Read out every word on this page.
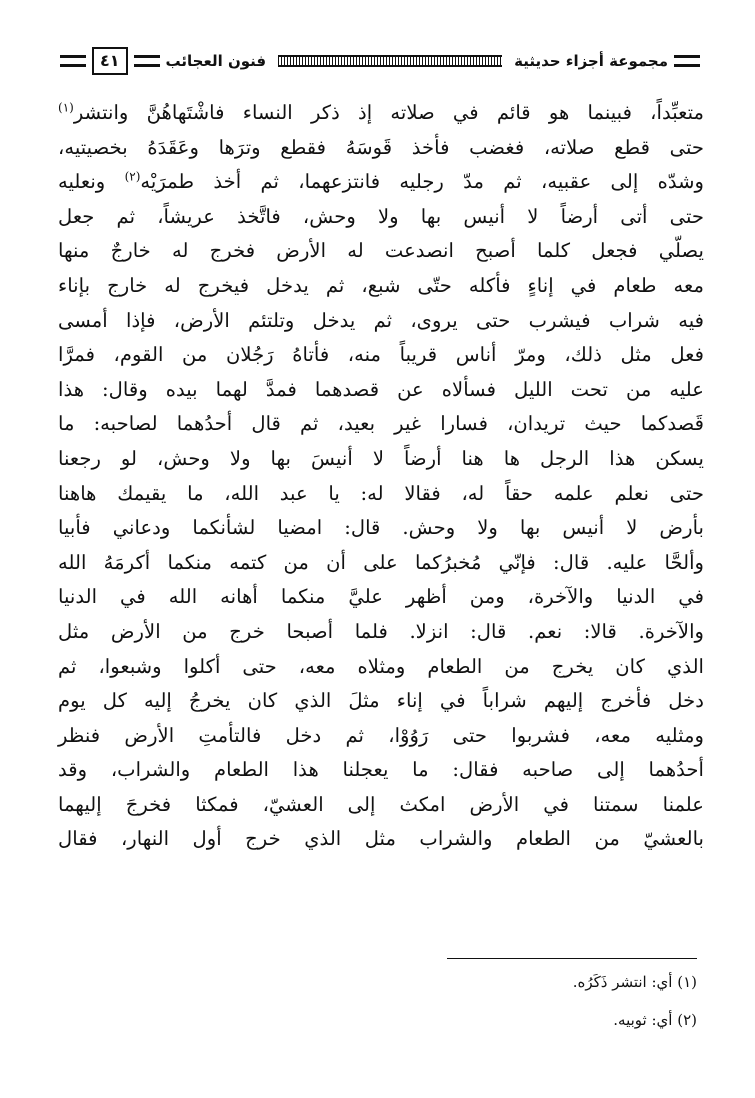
مجموعة أجزاء حديثية
فنون العجائب
٤١
متعبِّداً، فبينما هو قائم في صلاته إذ ذكر النساء فاشْتَهاهُنَّ وانتشر$^{(١)}$
حتى قطع صلاته، فغضب فأخذ قَوسَهُ فقطع وترَها وعَقَدَهُ بخصيتيه،
وشدّه إلى عقبيه، ثم مدّ رجليه فانتزعهما، ثم أخذ طمرَيْه$^{(٢)}$ ونعليه
حتى أتى أرضاً لا أنيس بها ولا وحش، فاتَّخذ عريشاً، ثم جعل
يصلّي فجعل كلما أصبح انصدعت له الأرض فخرج له خارجٌ منها
معه طعام في إناءٍ فأكله حتّى شبع، ثم يدخل فيخرج له خارج بإناء
فيه شراب فيشرب حتى يروى، ثم يدخل وتلتئم الأرض، فإذا أمسى
فعل مثل ذلك، ومرّ أناس قريباً منه، فأتاهُ رَجُلان من القوم، فمرَّا
عليه من تحت الليل فسألاه عن قصدهما فمدَّ لهما بيده وقال: هذا
قَصدكما حيث تريدان، فسارا غير بعيد، ثم قال أحدُهما لصاحبه: ما
يسكن هذا الرجل ها هنا أرضاً لا أنيسَ بها ولا وحش، لو رجعنا
حتى نعلم علمه حقاً له، فقالا له: يا عبد الله، ما يقيمك هاهنا
بأرض لا أنيس بها ولا وحش. قال: امضيا لشأنكما ودعاني فأبيا
وألحَّا عليه. قال: فإنّي مُخبرُكما على أن من كتمه منكما أكرمَهُ الله
في الدنيا والآخرة، ومن أظهر عليَّ منكما أهانه الله في الدنيا
والآخرة. قالا: نعم. قال: انزلا. فلما أصبحا خرج من الأرض مثل
الذي كان يخرج من الطعام ومثلاه معه، حتى أكلوا وشبعوا، ثم
دخل فأخرج إليهم شراباً في إناء مثلَ الذي كان يخرجُ إليه كل يوم
ومثليه معه، فشربوا حتى رَوُوْا، ثم دخل فالتأمتِ الأرض فنظر
أحدُهما إلى صاحبه فقال: ما يعجلنا هذا الطعام والشراب، وقد
علمنا سمتنا في الأرض امكث إلى العشيّ، فمكثا فخرجَ إليهما
بالعشيّ من الطعام والشراب مثل الذي خرج أول النهار، فقال
(١) أي: انتشر ذَكَرُه.
(٢) أي: ثوبيه.
